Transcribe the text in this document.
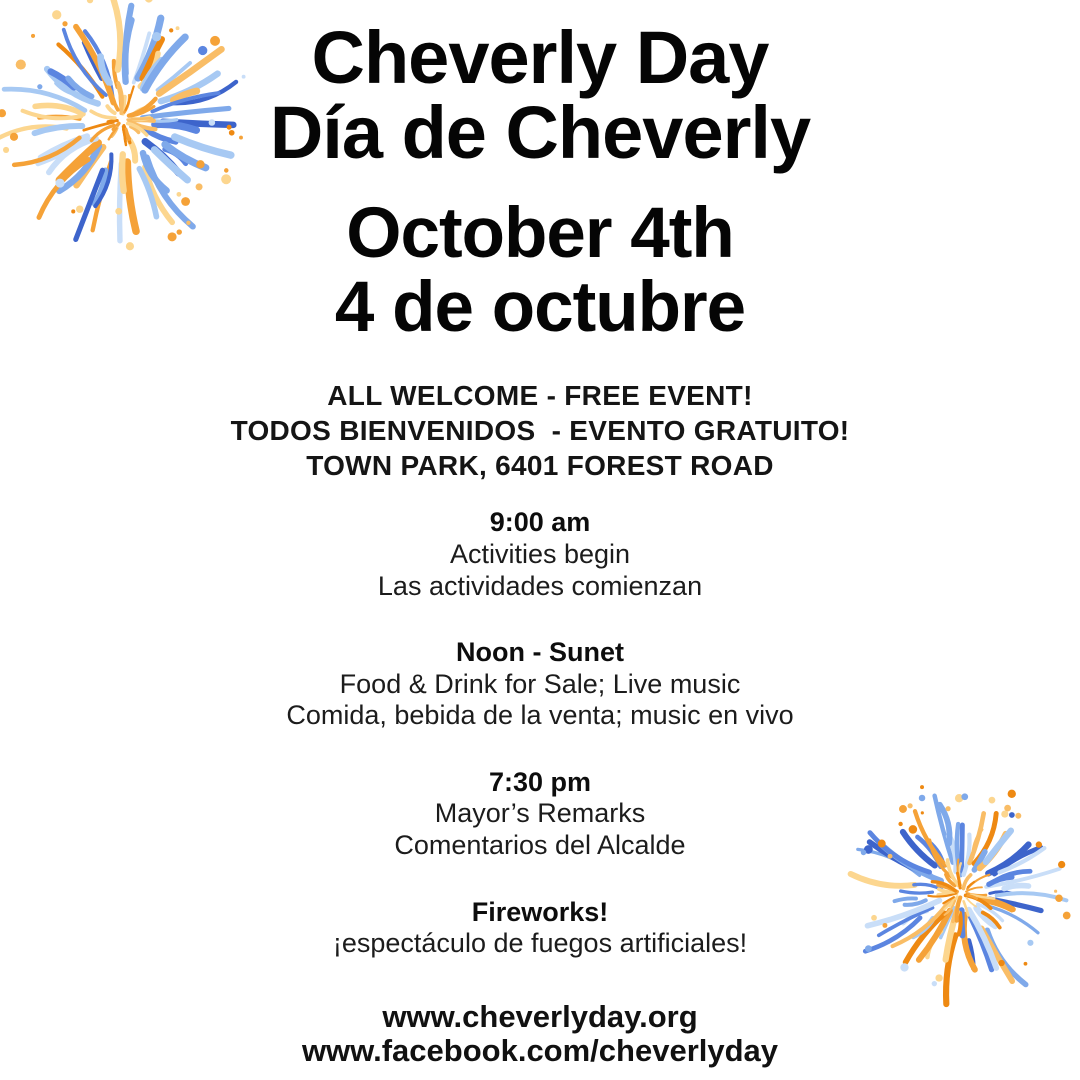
Cheverly Day
Día de Cheverly
October 4th
4 de octubre
ALL WELCOME - FREE EVENT!
TODOS BIENVENIDOS  - EVENTO GRATUITO!
TOWN PARK, 6401 FOREST ROAD
9:00 am
Activities begin
Las actividades comienzan
Noon - Sunet
Food & Drink for Sale; Live music
Comida, bebida de la venta; music en vivo
7:30 pm
Mayor’s Remarks
Comentarios del Alcalde
Fireworks!
¡espectáculo de fuegos artificiales!
www.cheverlyday.org
www.facebook.com/cheverlyday
